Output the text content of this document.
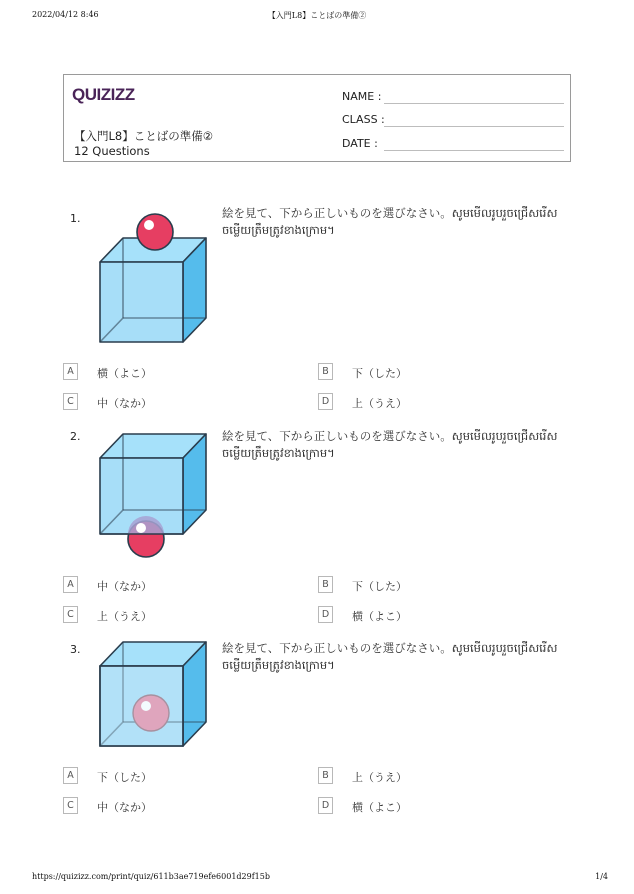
2022/04/12 8:46	【入門L8】ことばの準備②
QUIZIZZ
【入門L8】ことばの準備②
12 Questions
NAME :
CLASS :
DATE :
1.	絵を見て、下から正しいものを選びなさい。សូមមើលរូបរួចជ្រើសរើសចម្លើយត្រឹមត្រូវខាងក្រោម។
A	横（よこ）	B	下（した）
C	中（なか）	D	上（うえ）
2.	絵を見て、下から正しいものを選びなさい。សូមមើលរូបរួចជ្រើសរើសចម្លើយត្រឹមត្រូវខាងក្រោម។
A	中（なか）	B	下（した）
C	上（うえ）	D	横（よこ）
3.	絵を見て、下から正しいものを選びなさい。សូមមើលរូបរួចជ្រើសរើសចម្លើយត្រឹមត្រូវខាងក្រោម។
A	下（した）	B	上（うえ）
C	中（なか）	D	横（よこ）
https://quizizz.com/print/quiz/611b3ae719efe6001d29f15b	1/4
